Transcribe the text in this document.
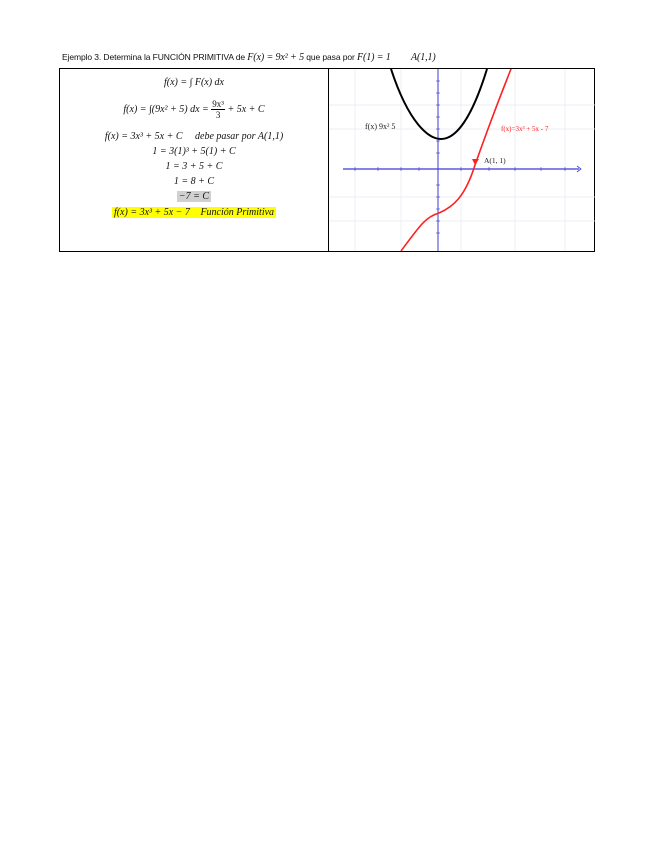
Ejemplo 3. Determina la FUNCIÓN PRIMITIVA de F(x) = 9x² + 5 que pasa por F(1) = 1 A(1,1)
f(x) = ∫ F(x) dx
f(x) = ∫(9x² + 5) dx = $\frac{\text{9x³}}{3} + 5x + C$
f(x) = 3x³ + 5x + C debe pasar por A(1,1)
1 = 3(1)³ + 5(1) + C
1 = 3 + 5 + C
1 = 8 + C
−7 = C
f(x) = 3x³ + 5x − 7 Función Primitiva
f(x) 9x² 5	f(x)=3x³ + 5x - 7
A(1, 1)
